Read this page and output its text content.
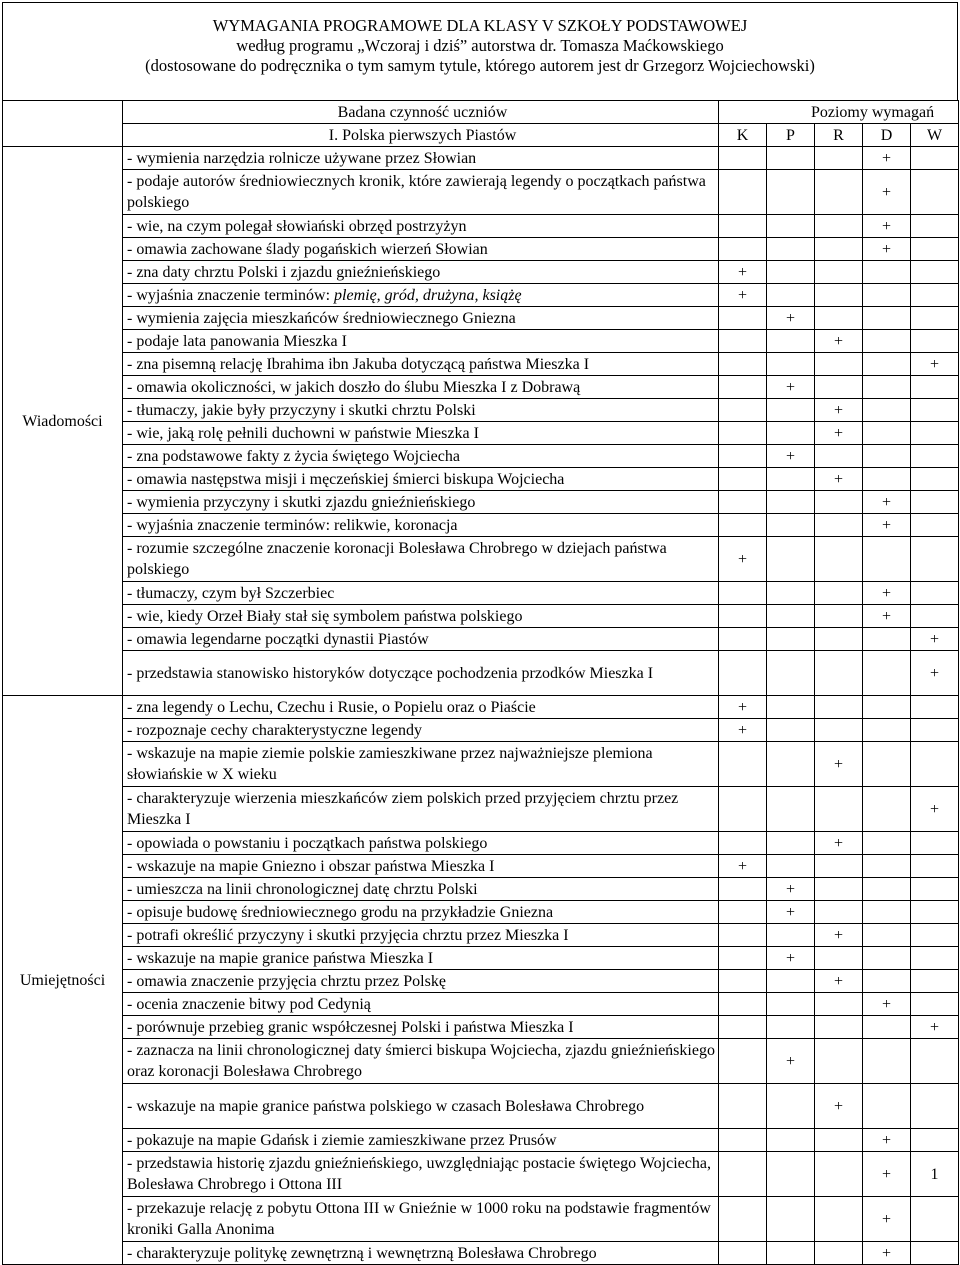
WYMAGANIA PROGRAMOWE DLA KLASY V SZKOŁY PODSTAWOWEJ
według programu „Wczoraj i dziś” autorstwa dr. Tomasza Maćkowskiego
(dostosowane do podręcznika o tym samym tytule, którego autorem jest dr Grzegorz Wojciechowski)
	Badana czynność uczniów	Poziomy wymagań				
	I. Polska pierwszych Piastów	K	P	R	D	W
Wiadomości	- wymienia narzędzia rolnicze używane przez Słowian				+	
	- podaje autorów średniowiecznych kronik, które zawierają legendy o początkach państwa polskiego				+	
	- wie, na czym polegał słowiański obrzęd postrzyżyn				+	
	- omawia zachowane ślady pogańskich wierzeń Słowian				+	
	- zna daty chrztu Polski i zjazdu gnieźnieńskiego	+				
	- wyjaśnia znaczenie terminów: plemię, gród, drużyna, książę	+				
	- wymienia zajęcia mieszkańców średniowiecznego Gniezna		+			
	- podaje lata panowania Mieszka I			+		
	- zna pisemną relację Ibrahima ibn Jakuba dotyczącą państwa Mieszka I					+
	- omawia okoliczności, w jakich doszło do ślubu Mieszka I z Dobrawą		+			
	- tłumaczy, jakie były przyczyny i skutki chrztu Polski			+		
	- wie, jaką rolę pełnili duchowni w państwie Mieszka I			+		
	- zna podstawowe fakty z życia świętego Wojciecha		+			
	- omawia następstwa misji i męczeńskiej śmierci biskupa Wojciecha			+		
	- wymienia przyczyny i skutki zjazdu gnieźnieńskiego				+	
	- wyjaśnia znaczenie terminów: relikwie, koronacja				+	
	- rozumie szczególne znaczenie koronacji Bolesława Chrobrego w dziejach państwa polskiego	+				
	- tłumaczy, czym był Szczerbiec				+	
	- wie, kiedy Orzeł Biały stał się symbolem państwa polskiego				+	
	- omawia legendarne początki dynastii Piastów					+
	- przedstawia stanowisko historyków dotyczące pochodzenia przodków Mieszka I					+
Umiejętności	- zna legendy o Lechu, Czechu i Rusie, o Popielu oraz o Piaście	+				
	- rozpoznaje cechy charakterystyczne legendy	+				
	- wskazuje na mapie ziemie polskie zamieszkiwane przez najważniejsze plemiona słowiańskie w X wieku			+		
	- charakteryzuje wierzenia mieszkańców ziem polskich przed przyjęciem chrztu przez Mieszka I					+
	- opowiada o powstaniu i początkach państwa polskiego			+		
	- wskazuje na mapie Gniezno i obszar państwa Mieszka I	+				
	- umieszcza na linii chronologicznej datę chrztu Polski		+			
	- opisuje budowę średniowiecznego grodu na przykładzie Gniezna		+			
	- potrafi określić przyczyny i skutki przyjęcia chrztu przez Mieszka I			+		
	- wskazuje na mapie granice państwa Mieszka I		+			
	- omawia znaczenie przyjęcia chrztu przez Polskę			+		
	- ocenia znaczenie bitwy pod Cedynią				+	
	- porównuje przebieg granic współczesnej Polski i państwa Mieszka I					+
	- zaznacza na linii chronologicznej daty śmierci biskupa Wojciecha, zjazdu gnieźnieńskiego oraz koronacji Bolesława Chrobrego		+			
	- wskazuje na mapie granice państwa polskiego w czasach Bolesława Chrobrego			+		
	- pokazuje na mapie Gdańsk i ziemie zamieszkiwane przez Prusów				+	
	- przedstawia historię zjazdu gnieźnieńskiego, uwzględniając postacie świętego Wojciecha, Bolesława Chrobrego i Ottona III				+	1
	- przekazuje relację z pobytu Ottona III w Gnieźnie w 1000 roku na podstawie fragmentów kroniki Galla Anonima				+	
	- charakteryzuje politykę zewnętrzną i wewnętrzną Bolesława Chrobrego				+	
